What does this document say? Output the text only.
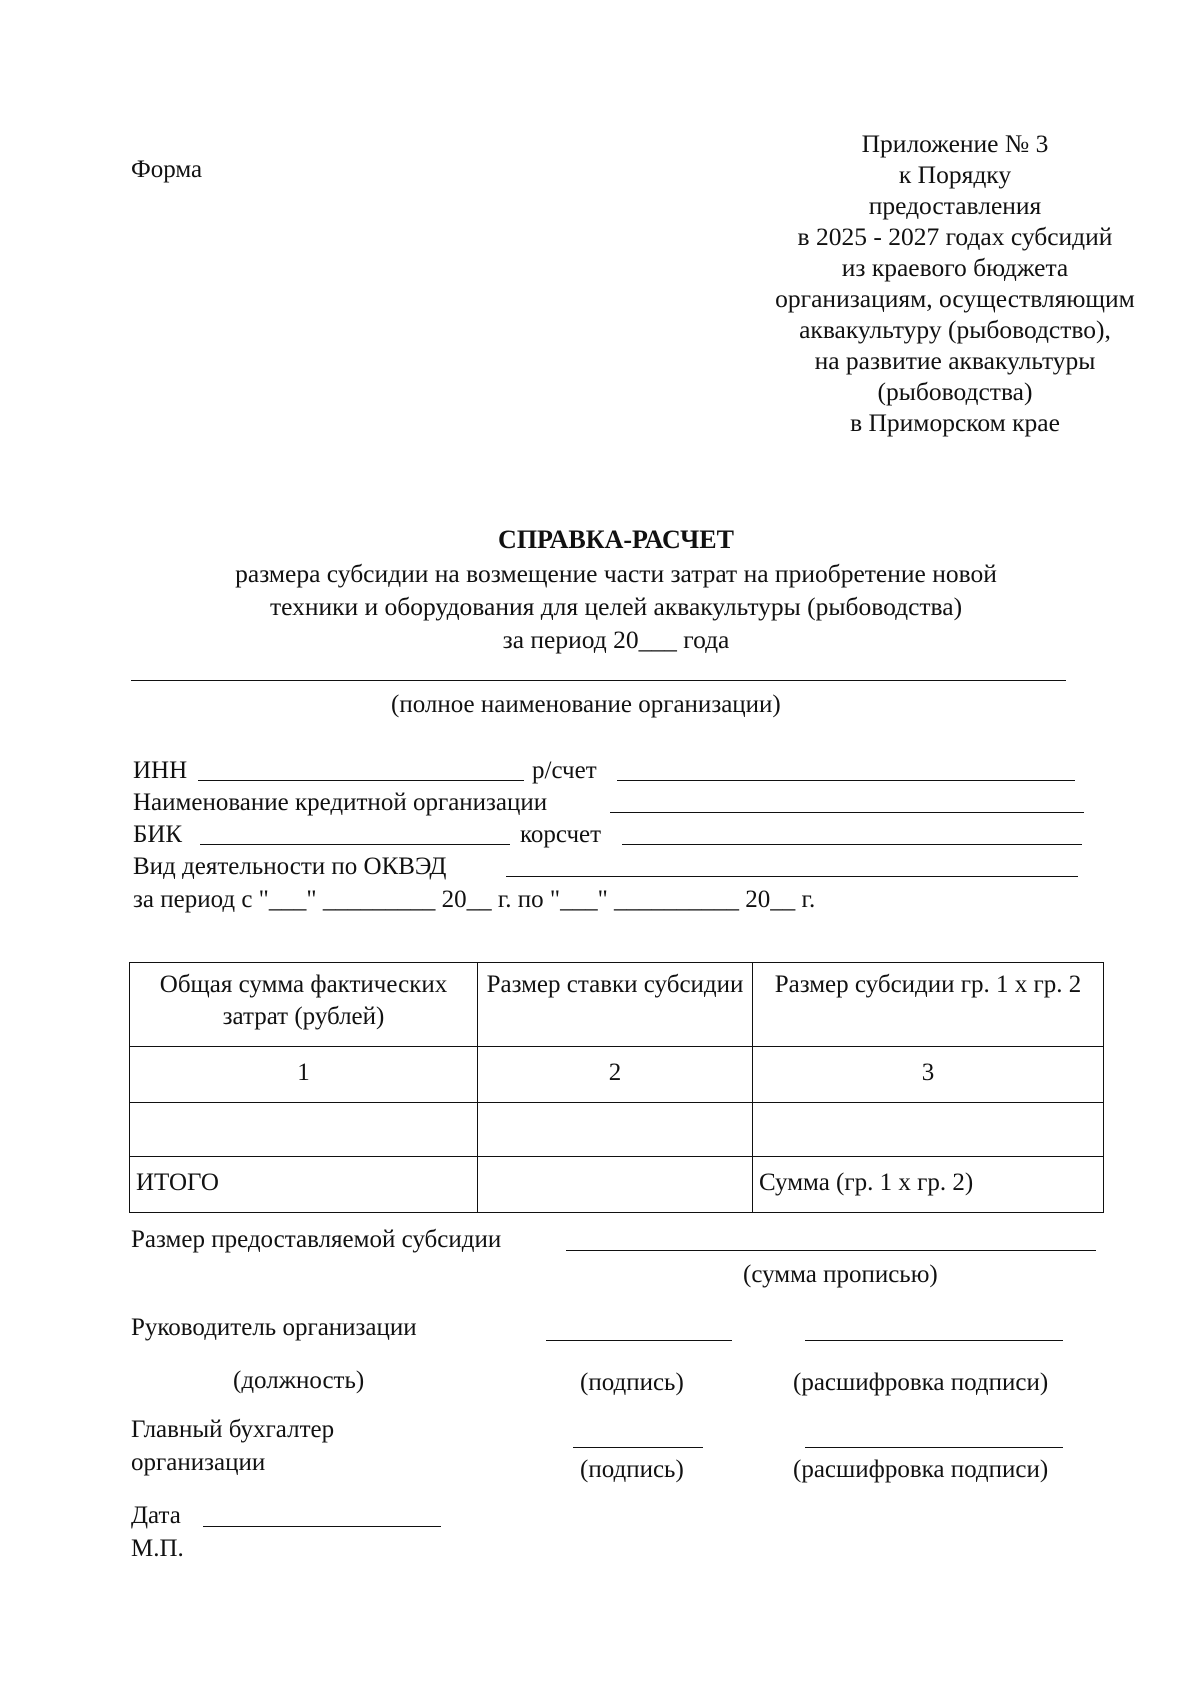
Форма
Приложение № 3
к Порядку
предоставления
в 2025 - 2027 годах субсидий
из краевого бюджета
организациям, осуществляющим
аквакультуру (рыбоводство),
на развитие аквакультуры
(рыбоводства)
в Приморском крае
СПРАВКА-РАСЧЕТ
размера субсидии на возмещение части затрат на приобретение новой
техники и оборудования для целей аквакультуры (рыбоводства)
за период 20___ года
(полное наименование организации)
ИНН	р/счет
Наименование кредитной организации
БИК	корсчет
Вид деятельности по ОКВЭД
за период с "___" _________ 20__ г. по "___" __________ 20__ г.
Общая сумма фактических затрат (рублей)	Размер ставки субсидии	Размер субсидии гр. 1 х гр. 2
1	2	3

ИТОГО		Сумма (гр. 1 х гр. 2)
Размер предоставляемой субсидии
(сумма прописью)
Руководитель организации
(должность)	(подпись)	(расшифровка подписи)
Главный бухгалтер
организации	(подпись)	(расшифровка подписи)
Дата
М.П.
